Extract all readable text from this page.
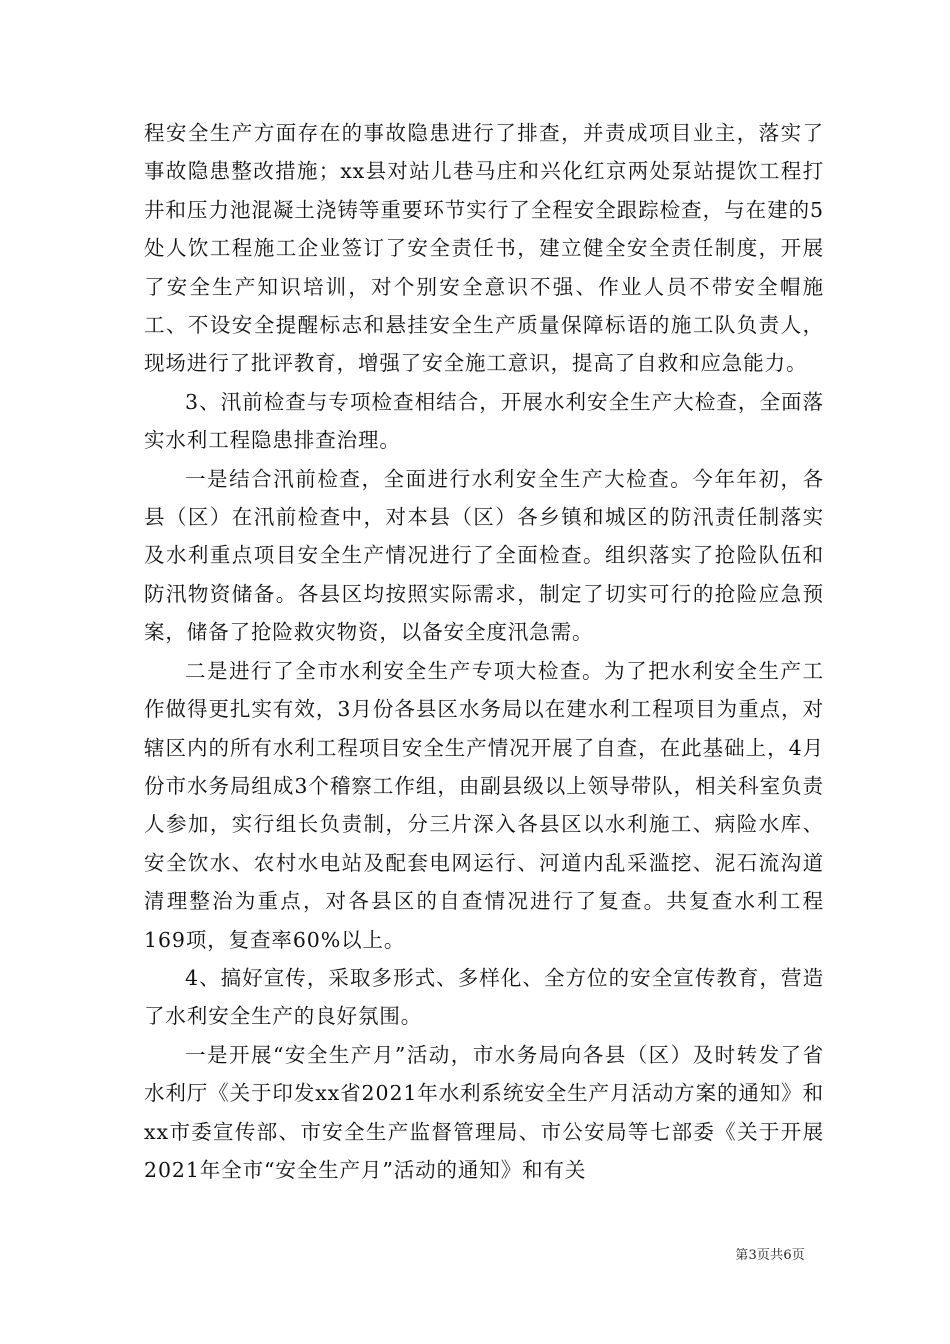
程安全生产方面存在的事故隐患进行了排查，并责成项目业主，落实了事故隐患整改措施；xx县对站儿巷马庄和兴化红京两处泵站提饮工程打井和压力池混凝土浇铸等重要环节实行了全程安全跟踪检查，与在建的5处人饮工程施工企业签订了安全责任书，建立健全安全责任制度，开展了安全生产知识培训，对个别安全意识不强、作业人员不带安全帽施工、不设安全提醒标志和悬挂安全生产质量保障标语的施工队负责人，现场进行了批评教育，增强了安全施工意识，提高了自救和应急能力。

3、汛前检查与专项检查相结合，开展水利安全生产大检查，全面落实水利工程隐患排查治理。

一是结合汛前检查，全面进行水利安全生产大检查。今年年初，各县（区）在汛前检查中，对本县（区）各乡镇和城区的防汛责任制落实及水利重点项目安全生产情况进行了全面检查。组织落实了抢险队伍和防汛物资储备。各县区均按照实际需求，制定了切实可行的抢险应急预案，储备了抢险救灾物资，以备安全度汛急需。

二是进行了全市水利安全生产专项大检查。为了把水利安全生产工作做得更扎实有效，3月份各县区水务局以在建水利工程项目为重点，对辖区内的所有水利工程项目安全生产情况开展了自查，在此基础上，4月份市水务局组成3个稽察工作组，由副县级以上领导带队，相关科室负责人参加，实行组长负责制，分三片深入各县区以水利施工、病险水库、安全饮水、农村水电站及配套电网运行、河道内乱采滥挖、泥石流沟道清理整治为重点，对各县区的自查情况进行了复查。共复查水利工程169项，复查率60%以上。

4、搞好宣传，采取多形式、多样化、全方位的安全宣传教育，营造了水利安全生产的良好氛围。

一是开展“安全生产月”活动，市水务局向各县（区）及时转发了省水利厅《关于印发xx省2021年水利系统安全生产月活动方案的通知》和xx市委宣传部、市安全生产监督管理局、市公安局等七部委《关于开展2021年全市“安全生产月”活动的通知》和有关

第3页共6页
